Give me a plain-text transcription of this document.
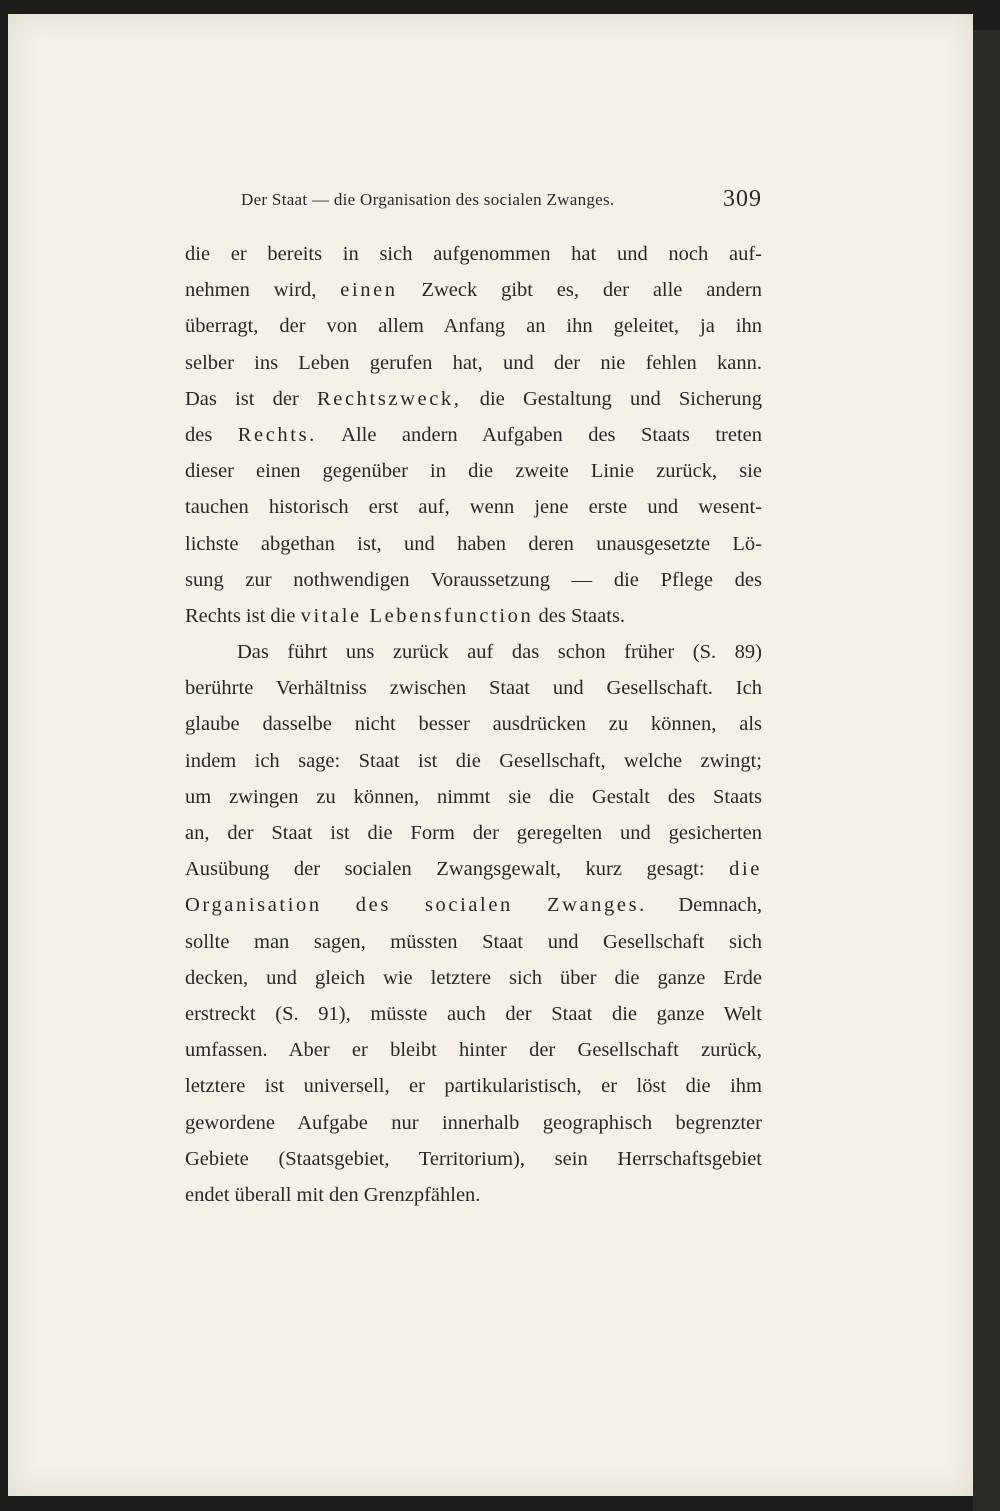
Der Staat — die Organisation des socialen Zwanges.	309
die er bereits in sich aufgenommen hat und noch auf-
nehmen wird, einen Zweck gibt es, der alle andern
überragt, der von allem Anfang an ihn geleitet, ja ihn
selber ins Leben gerufen hat, und der nie fehlen kann.
Das ist der Rechtszweck, die Gestaltung und Sicherung
des Rechts. Alle andern Aufgaben des Staats treten
dieser einen gegenüber in die zweite Linie zurück, sie
tauchen historisch erst auf, wenn jene erste und wesent-
lichste abgethan ist, und haben deren unausgesetzte Lö-
sung zur nothwendigen Voraussetzung — die Pflege des
Rechts ist die vitale Lebensfunction des Staats.
Das führt uns zurück auf das schon früher (S. 89)
berührte Verhältniss zwischen Staat und Gesellschaft. Ich
glaube dasselbe nicht besser ausdrücken zu können, als
indem ich sage: Staat ist die Gesellschaft, welche zwingt;
um zwingen zu können, nimmt sie die Gestalt des Staats
an, der Staat ist die Form der geregelten und gesicherten
Ausübung der socialen Zwangsgewalt, kurz gesagt: die
Organisation des socialen Zwanges. Demnach,
sollte man sagen, müssten Staat und Gesellschaft sich
decken, und gleich wie letztere sich über die ganze Erde
erstreckt (S. 91), müsste auch der Staat die ganze Welt
umfassen. Aber er bleibt hinter der Gesellschaft zurück,
letztere ist universell, er partikularistisch, er löst die ihm
gewordene Aufgabe nur innerhalb geographisch begrenzter
Gebiete (Staatsgebiet, Territorium), sein Herrschaftsgebiet
endet überall mit den Grenzpfählen.
